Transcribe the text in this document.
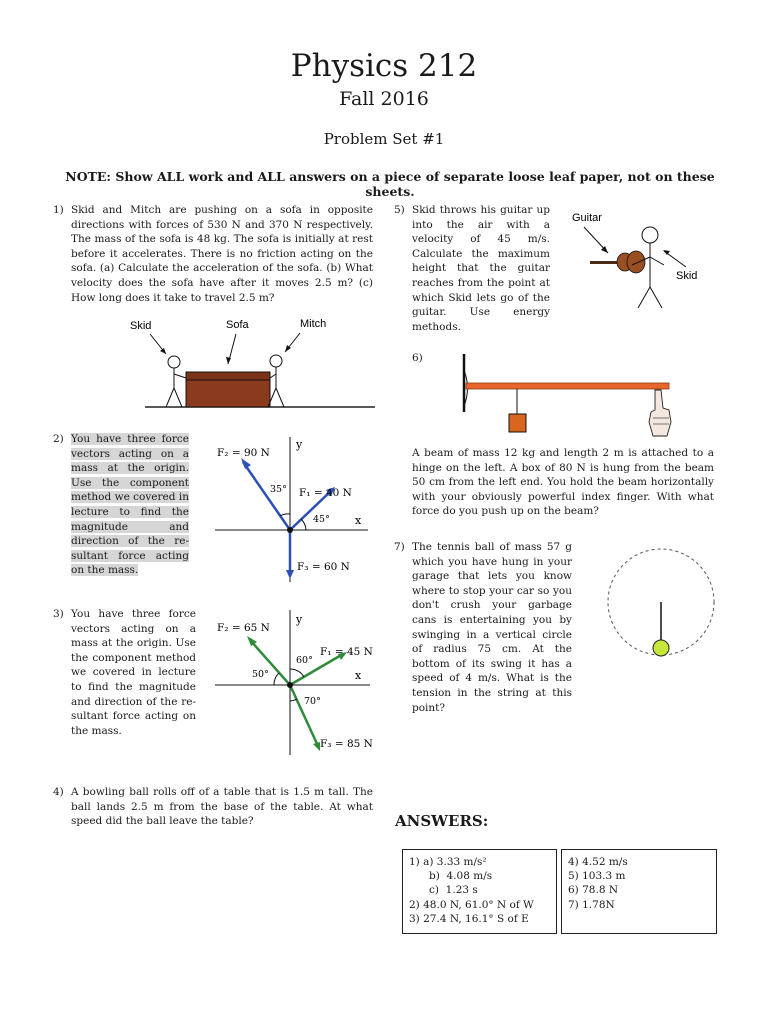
Physics 212
Fall 2016
Problem Set #1
NOTE: Show ALL work and ALL answers on a piece of separate loose leaf paper, not on these sheets.
1) Skid and Mitch are pushing on a sofa in opposite directions with forces of 530 N and 370 N respectively. The mass of the sofa is 48 kg. The sofa is initially at rest before it accelerates. There is no friction acting on the sofa. (a) Calculate the acceleration of the sofa. (b) What velocity does the sofa have after it moves 2.5 m? (c) How long does it take to travel 2.5 m?
Skid	Sofa	Mitch
2) You have three force vectors acting on a mass at the origin. Use the component method we covered in lecture to find the magnitude and direction of the re-sultant force acting on the mass.
y
x
F₂ = 90 N
F₁ = 40 N
F₃ = 60 N
35°
45°
3) You have three force vectors acting on a mass at the origin. Use the component method we covered in lecture to find the magnitude and direction of the re-sultant force acting on the mass.
y
x
F₂ = 65 N
F₁ = 45 N
F₃ = 85 N
50°
60°
70°
4) A bowling ball rolls off of a table that is 1.5 m tall. The ball lands 2.5 m from the base of the table. At what speed did the ball leave the table?
5) Skid throws his guitar up into the air with a velocity of 45 m/s. Calculate the maximum height that the guitar reaches from the point at which Skid lets go of the guitar. Use energy methods.
Guitar
Skid
6)
A beam of mass 12 kg and length 2 m is attached to a hinge on the left. A box of 80 N is hung from the beam 50 cm from the left end. You hold the beam horizontally with your obviously powerful index finger. With what force do you push up on the beam?
7) The tennis ball of mass 57 g which you have hung in your garage that lets you know where to stop your car so you don't crush your garbage cans is entertaining you by swinging in a vertical circle of radius 75 cm. At the bottom of its swing it has a speed of 4 m/s. What is the tension in the string at this point?
ANSWERS:
1) a) 3.33 m/s²
b)  4.08 m/s
c)  1.23 s
2) 48.0 N, 61.0° N of W
3) 27.4 N, 16.1° S of E
4) 4.52 m/s
5) 103.3 m
6) 78.8 N
7) 1.78N
